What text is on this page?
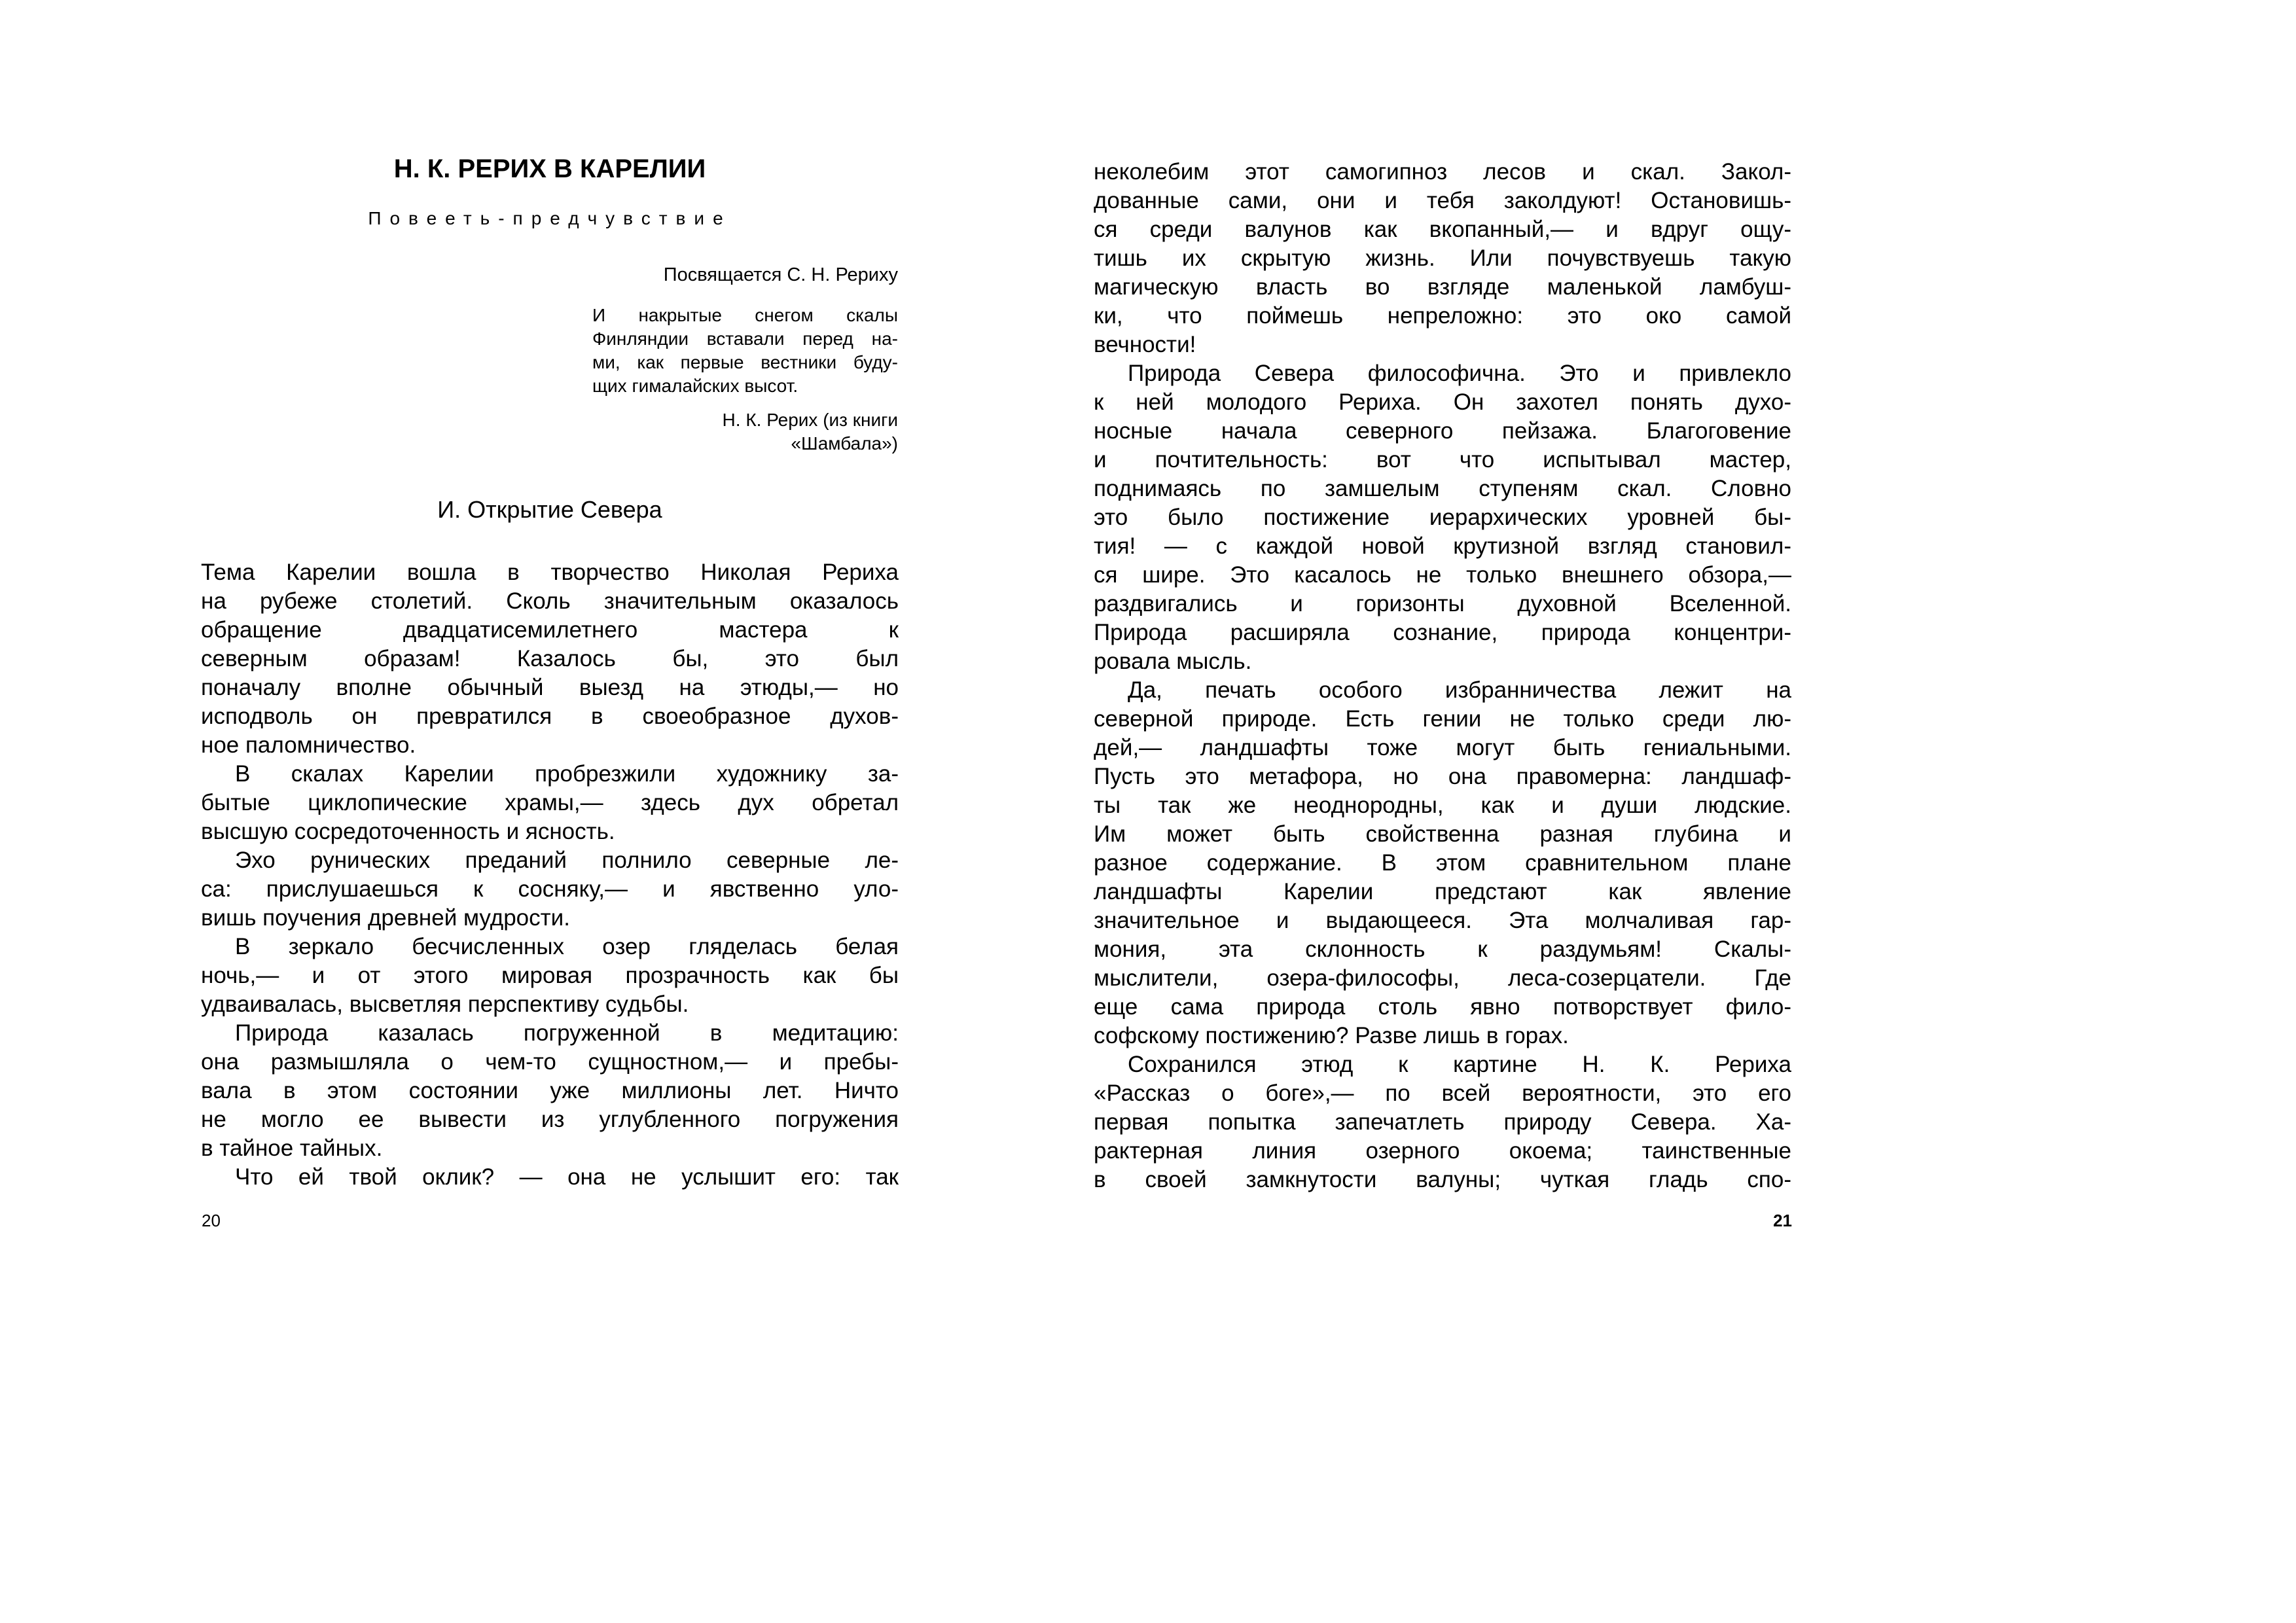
Н. К. РЕРИХ В КАРЕЛИИ
Повееть-предчувствие
Посвящается С. Н. Рериху
И накрытые снегом скалы
Финляндии вставали перед на-
ми, как первые вестники буду-
щих гималайских высот.
Н. К. Рерих (из книги
«Шамбала»)
И. Открытие Севера
Тема Карелии вошла в творчество Николая Рериха
на рубеже столетий. Сколь значительным оказалось
обращение двадцатисемилетнего мастера к
северным образам! Казалось бы, это был
поначалу вполне обычный выезд на этюды,— но
исподволь он превратился в своеобразное духов-
ное паломничество.
В скалах Карелии пробрезжили художнику за-
бытые циклопические храмы,— здесь дух обретал
высшую сосредоточенность и ясность.
Эхо рунических преданий полнило северные ле-
са: прислушаешься к сосняку,— и явственно уло-
вишь поучения древней мудрости.
В зеркало бесчисленных озер гляделась белая
ночь,— и от этого мировая прозрачность как бы
удваивалась, высветляя перспективу судьбы.
Природа казалась погруженной в медитацию:
она размышляла о чем-то сущностном,— и пребы-
вала в этом состоянии уже миллионы лет. Ничто
не могло ее вывести из углубленного погружения
в тайное тайных.
Что ей твой оклик? — она не услышит его: так
неколебим этот самогипноз лесов и скал. Закол-
дованные сами, они и тебя заколдуют! Остановишь-
ся среди валунов как вкопанный,— и вдруг ощу-
тишь их скрытую жизнь. Или почувствуешь такую
магическую власть во взгляде маленькой ламбуш-
ки, что поймешь непреложно: это око самой
вечности!
Природа Севера философична. Это и привлекло
к ней молодого Рериха. Он захотел понять духо-
носные начала северного пейзажа. Благоговение
и почтительность: вот что испытывал мастер,
поднимаясь по замшелым ступеням скал. Словно
это было постижение иерархических уровней бы-
тия! — с каждой новой крутизной взгляд становил-
ся шире. Это касалось не только внешнего обзора,—
раздвигались и горизонты духовной Вселенной.
Природа расширяла сознание, природа концентри-
ровала мысль.
Да, печать особого избранничества лежит на
северной природе. Есть гении не только среди лю-
дей,— ландшафты тоже могут быть гениальными.
Пусть это метафора, но она правомерна: ландшаф-
ты так же неоднородны, как и души людские.
Им может быть свойственна разная глубина и
разное содержание. В этом сравнительном плане
ландшафты Карелии предстают как явление
значительное и выдающееся. Эта молчаливая гар-
мония, эта склонность к раздумьям! Скалы-
мыслители, озера-философы, леса-созерцатели. Где
еще сама природа столь явно потворствует фило-
софскому постижению? Разве лишь в горах.
Сохранился этюд к картине Н. К. Рериха
«Рассказ о боге»,— по всей вероятности, это его
первая попытка запечатлеть природу Севера. Ха-
рактерная линия озерного окоема; таинственные
в своей замкнутости валуны; чуткая гладь спо-
20	21
